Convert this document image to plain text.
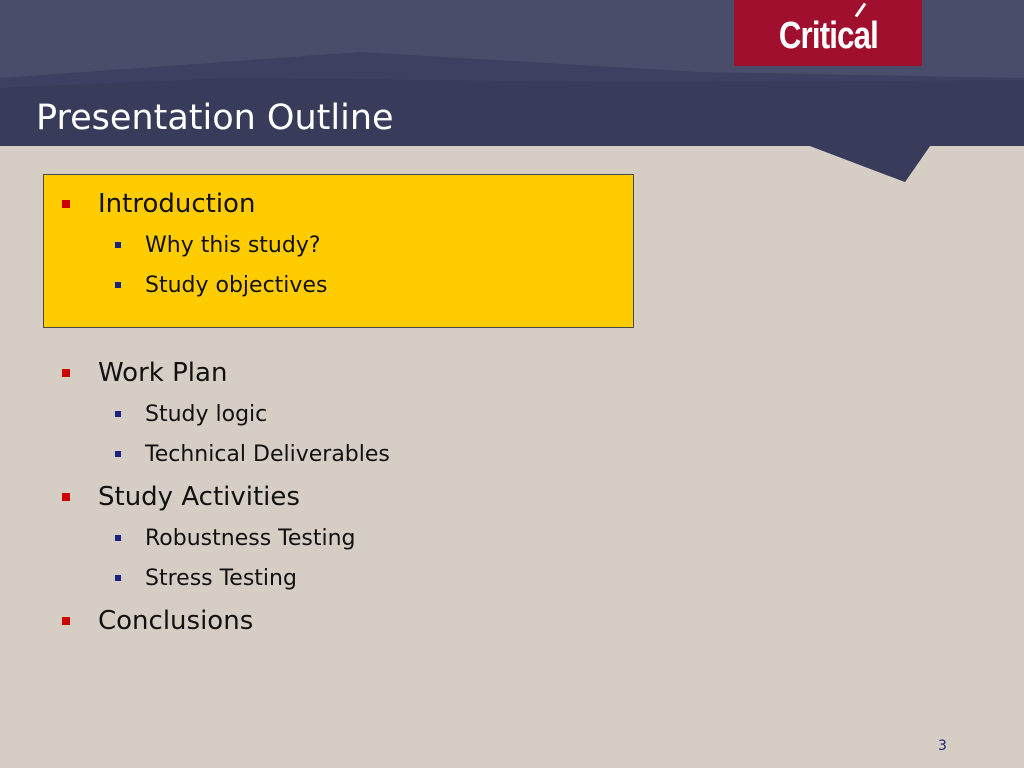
Critical
Presentation Outline
Introduction
Why this study?
Study objectives
Work Plan
Study logic
Technical Deliverables
Study Activities
Robustness Testing
Stress Testing
Conclusions
3
